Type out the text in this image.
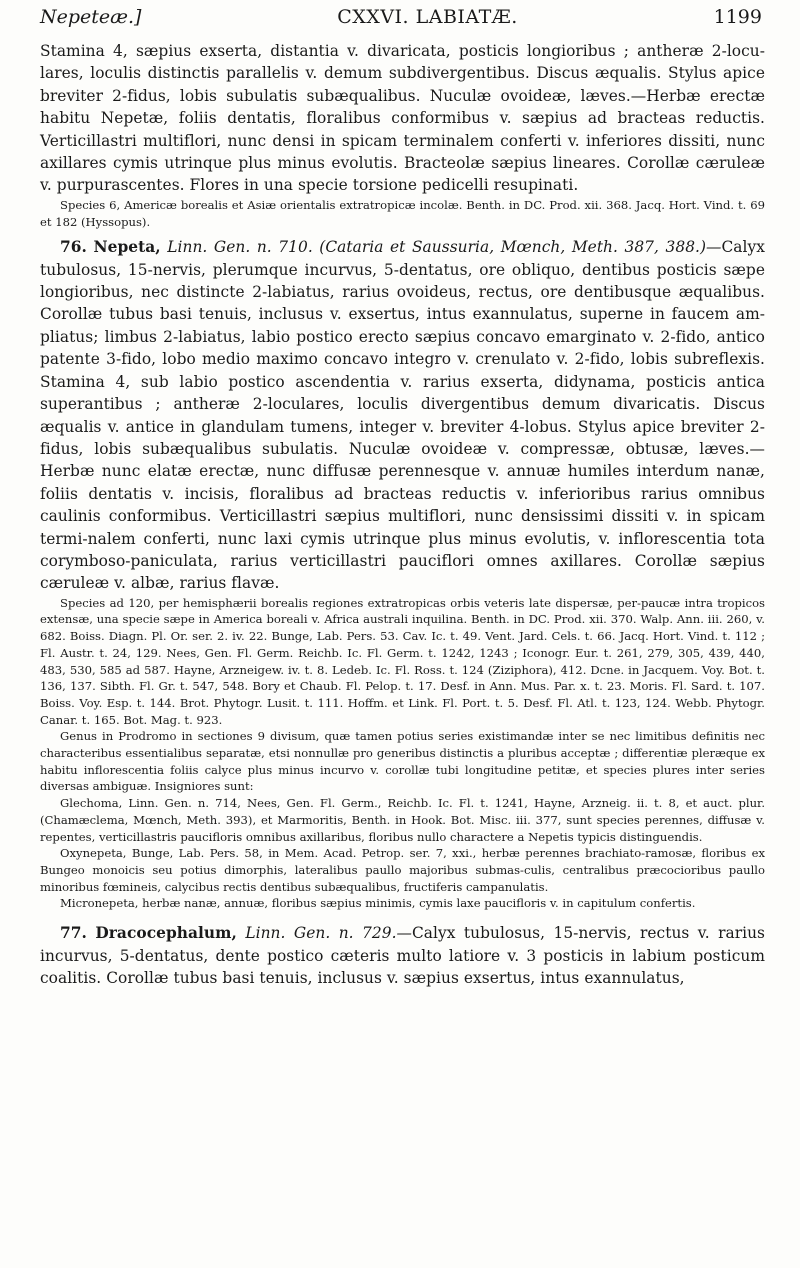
Nepeteæ.]	CXXVI. LABIATÆ.	1199

Stamina 4, sæpius exserta, distantia v. divaricata, posticis longioribus ; antheræ 2-locu-lares, loculis distinctis parallelis v. demum subdivergentibus. Discus æqualis. Stylus apice breviter 2-fidus, lobis subulatis subæqualibus. Nuculæ ovoideæ, læves.—Herbæ erectæ habitu Nepetæ, foliis dentatis, floralibus conformibus v. sæpius ad bracteas reductis. Verticillastri multiflori, nunc densi in spicam terminalem conferti v. inferiores dissiti, nunc axillares cymis utrinque plus minus evolutis. Bracteolæ sæpius lineares. Corollæ cæruleæ v. purpurascentes. Flores in una specie torsione pedicelli resupinati.

Species 6, Americæ borealis et Asiæ orientalis extratropicæ incolæ. Benth. in DC. Prod. xii. 368. Jacq. Hort. Vind. t. 69 et 182 (Hyssopus).

76. Nepeta, Linn. Gen. n. 710. (Cataria et Saussuria, Mœnch, Meth. 387, 388.)—Calyx tubulosus, 15-nervis, plerumque incurvus, 5-dentatus, ore obliquo, dentibus posticis sæpe longioribus, nec distincte 2-labiatus, rarius ovoideus, rectus, ore dentibusque æqualibus. Corollæ tubus basi tenuis, inclusus v. exsertus, intus exannulatus, superne in faucem am-pliatus; limbus 2-labiatus, labio postico erecto sæpius concavo emarginato v. 2-fido, antico patente 3-fido, lobo medio maximo concavo integro v. crenulato v. 2-fido, lobis subreflexis. Stamina 4, sub labio postico ascendentia v. rarius exserta, didynama, posticis antica superantibus ; antheræ 2-loculares, loculis divergentibus demum divaricatis. Discus æqualis v. antice in glandulam tumens, integer v. breviter 4-lobus. Stylus apice breviter 2-fidus, lobis subæqualibus subulatis. Nuculæ ovoideæ v. compressæ, obtusæ, læves.— Herbæ nunc elatæ erectæ, nunc diffusæ perennesque v. annuæ humiles interdum nanæ, foliis dentatis v. incisis, floralibus ad bracteas reductis v. inferioribus rarius omnibus caulinis conformibus. Verticillastri sæpius multiflori, nunc densissimi dissiti v. in spicam termi-nalem conferti, nunc laxi cymis utrinque plus minus evolutis, v. inflorescentia tota corymboso-paniculata, rarius verticillastri pauciflori omnes axillares. Corollæ sæpius cæruleæ v. albæ, rarius flavæ.

Species ad 120, per hemisphærii borealis regiones extratropicas orbis veteris late dispersæ, per-paucæ intra tropicos extensæ, una specie sæpe in America boreali v. Africa australi inquilina. Benth. in DC. Prod. xii. 370. Walp. Ann. iii. 260, v. 682. Boiss. Diagn. Pl. Or. ser. 2. iv. 22. Bunge, Lab. Pers. 53. Cav. Ic. t. 49. Vent. Jard. Cels. t. 66. Jacq. Hort. Vind. t. 112 ; Fl. Austr. t. 24, 129. Nees, Gen. Fl. Germ. Reichb. Ic. Fl. Germ. t. 1242, 1243 ; Iconogr. Eur. t. 261, 279, 305, 439, 440, 483, 530, 585 ad 587. Hayne, Arzneigew. iv. t. 8. Ledeb. Ic. Fl. Ross. t. 124 (Ziziphora), 412. Dcne. in Jacquem. Voy. Bot. t. 136, 137. Sibth. Fl. Gr. t. 547, 548. Bory et Chaub. Fl. Pelop. t. 17. Desf. in Ann. Mus. Par. x. t. 23. Moris. Fl. Sard. t. 107. Boiss. Voy. Esp. t. 144. Brot. Phytogr. Lusit. t. 111. Hoffm. et Link. Fl. Port. t. 5. Desf. Fl. Atl. t. 123, 124. Webb. Phytogr. Canar. t. 165. Bot. Mag. t. 923.

Genus in Prodromo in sectiones 9 divisum, quæ tamen potius series existimandæ inter se nec limitibus definitis nec characteribus essentialibus separatæ, etsi nonnullæ pro generibus distinctis a pluribus acceptæ ; differentiæ pleræque ex habitu inflorescentia foliis calyce plus minus incurvo v. corollæ tubi longitudine petitæ, et species plures inter series diversas ambiguæ. Insigniores sunt:

Glechoma, Linn. Gen. n. 714, Nees, Gen. Fl. Germ., Reichb. Ic. Fl. t. 1241, Hayne, Arzneig. ii. t. 8, et auct. plur. (Chamæclema, Mœnch, Meth. 393), et Marmoritis, Benth. in Hook. Bot. Misc. iii. 377, sunt species perennes, diffusæ v. repentes, verticillastris paucifloris omnibus axillaribus, floribus nullo charactere a Nepetis typicis distinguendis.

Oxynepeta, Bunge, Lab. Pers. 58, in Mem. Acad. Petrop. ser. 7, xxi., herbæ perennes brachiato-ramosæ, floribus ex Bungeo monoicis seu potius dimorphis, lateralibus paullo majoribus submas-culis, centralibus præcocioribus paullo minoribus fœmineis, calycibus rectis dentibus subæqualibus, fructiferis campanulatis.

Micronepeta, herbæ nanæ, annuæ, floribus sæpius minimis, cymis laxe paucifloris v. in capitulum confertis.

77. Dracocephalum, Linn. Gen. n. 729.—Calyx tubulosus, 15-nervis, rectus v. rarius incurvus, 5-dentatus, dente postico cæteris multo latiore v. 3 posticis in labium posticum coalitis. Corollæ tubus basi tenuis, inclusus v. sæpius exsertus, intus exannulatus,
